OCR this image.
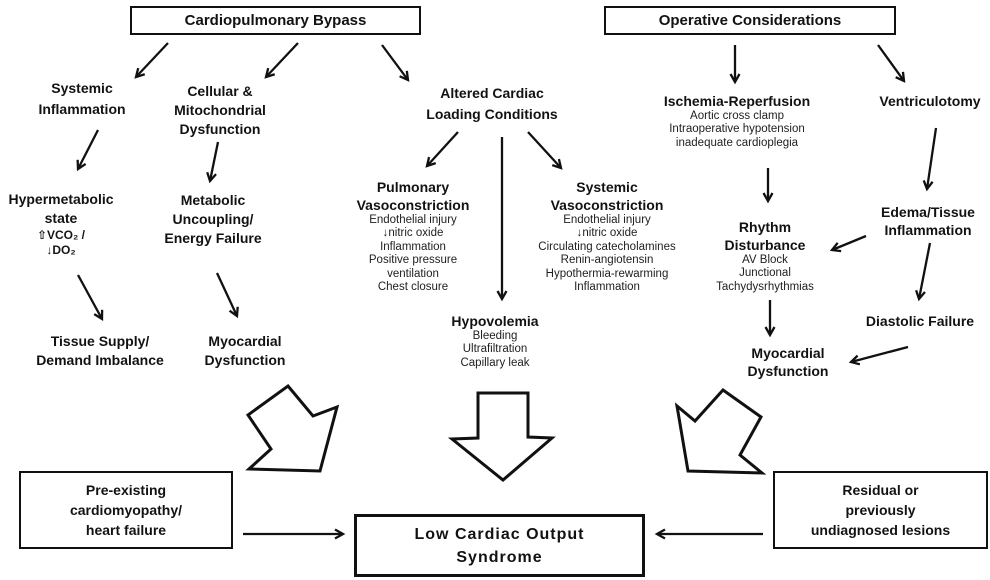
Cardiopulmonary Bypass	Operative Considerations
Systemic
Inflammation
Cellular &
Mitochondrial
Dysfunction
Altered Cardiac
Loading Conditions
Ischemia-Reperfusion
Aortic cross clamp
Intraoperative hypotension
inadequate cardioplegia
Ventriculotomy
Hypermetabolic
state
⇧VCO₂ /
↓DO₂
Metabolic
Uncoupling/
Energy Failure
Pulmonary
Vasoconstriction
Endothelial injury
↓nitric oxide
Inflammation
Positive pressure
ventilation
Chest closure
Systemic
Vasoconstriction
Endothelial injury
↓nitric oxide
Circulating catecholamines
Renin-angiotensin
Hypothermia-rewarming
Inflammation
Rhythm
Disturbance
AV Block
Junctional
Tachydysrhythmias
Edema/Tissue
Inflammation
Tissue Supply/
Demand Imbalance
Myocardial
Dysfunction
Hypovolemia
Bleeding
Ultrafiltration
Capillary leak
Diastolic Failure
Myocardial
Dysfunction
Pre-existing
cardiomyopathy/
heart failure	Low Cardiac Output
Syndrome
Residual or
previously
undiagnosed lesions
